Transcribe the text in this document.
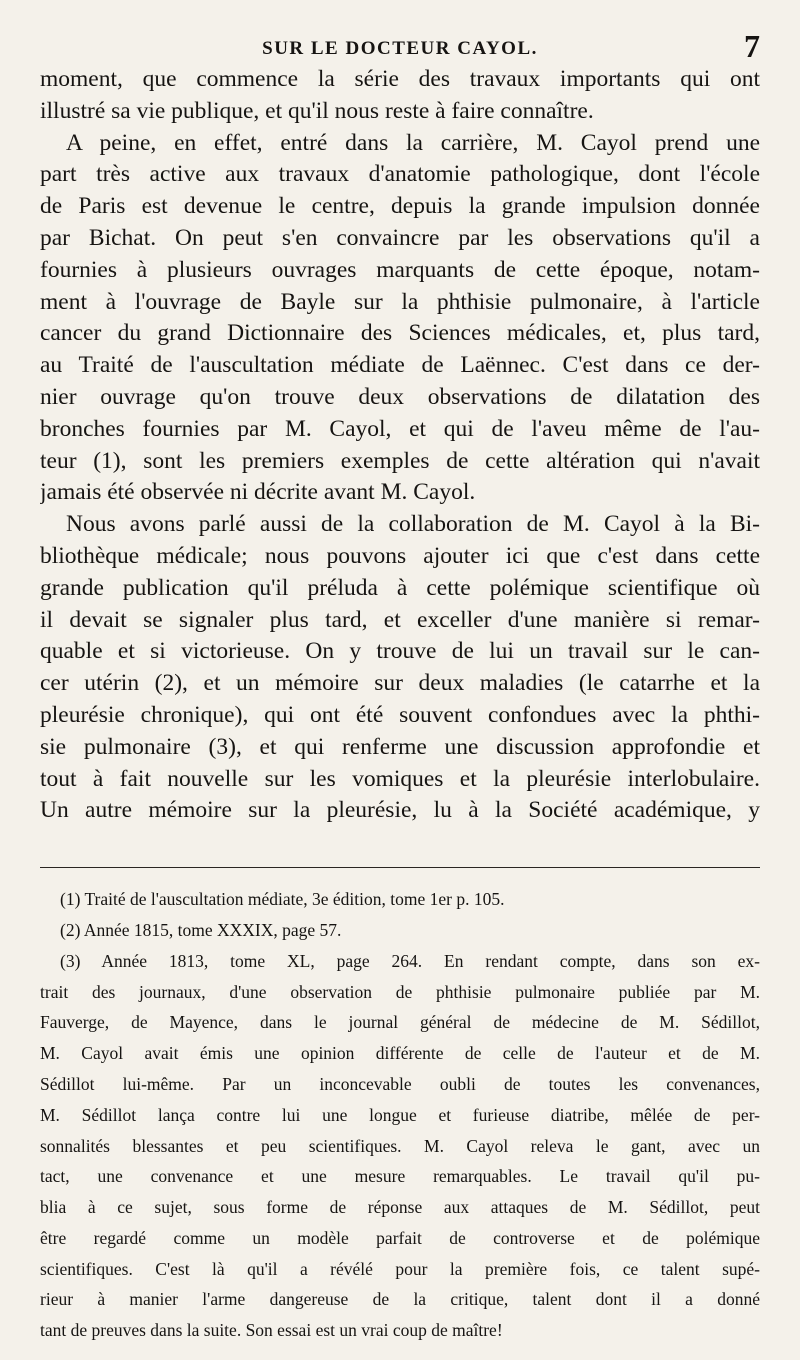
SUR LE DOCTEUR CAYOL.	7
moment, que commence la série des travaux importants qui ont
illustré sa vie publique, et qu'il nous reste à faire connaître.
A peine, en effet, entré dans la carrière, M. Cayol prend une
part très active aux travaux d'anatomie pathologique, dont l'école
de Paris est devenue le centre, depuis la grande impulsion donnée
par Bichat. On peut s'en convaincre par les observations qu'il a
fournies à plusieurs ouvrages marquants de cette époque, notam-
ment à l'ouvrage de Bayle sur la phthisie pulmonaire, à l'article
cancer du grand Dictionnaire des Sciences médicales, et, plus tard,
au Traité de l'auscultation médiate de Laënnec. C'est dans ce der-
nier ouvrage qu'on trouve deux observations de dilatation des
bronches fournies par M. Cayol, et qui de l'aveu même de l'au-
teur (1), sont les premiers exemples de cette altération qui n'avait
jamais été observée ni décrite avant M. Cayol.
Nous avons parlé aussi de la collaboration de M. Cayol à la Bi-
bliothèque médicale; nous pouvons ajouter ici que c'est dans cette
grande publication qu'il préluda à cette polémique scientifique où
il devait se signaler plus tard, et exceller d'une manière si remar-
quable et si victorieuse. On y trouve de lui un travail sur le can-
cer utérin (2), et un mémoire sur deux maladies (le catarrhe et la
pleurésie chronique), qui ont été souvent confondues avec la phthi-
sie pulmonaire (3), et qui renferme une discussion approfondie et
tout à fait nouvelle sur les vomiques et la pleurésie interlobulaire.
Un autre mémoire sur la pleurésie, lu à la Société académique, y
(1) Traité de l'auscultation médiate, 3e édition, tome 1er p. 105.
(2) Année 1815, tome XXXIX, page 57.
(3) Année 1813, tome XL, page 264. En rendant compte, dans son ex-
trait des journaux, d'une observation de phthisie pulmonaire publiée par M.
Fauverge, de Mayence, dans le journal général de médecine de M. Sédillot,
M. Cayol avait émis une opinion différente de celle de l'auteur et de M.
Sédillot lui-même. Par un inconcevable oubli de toutes les convenances,
M. Sédillot lança contre lui une longue et furieuse diatribe, mêlée de per-
sonnalités blessantes et peu scientifiques. M. Cayol releva le gant, avec un
tact, une convenance et une mesure remarquables. Le travail qu'il pu-
blia à ce sujet, sous forme de réponse aux attaques de M. Sédillot, peut
être regardé comme un modèle parfait de controverse et de polémique
scientifiques. C'est là qu'il a révélé pour la première fois, ce talent supé-
rieur à manier l'arme dangereuse de la critique, talent dont il a donné
tant de preuves dans la suite. Son essai est un vrai coup de maître!
